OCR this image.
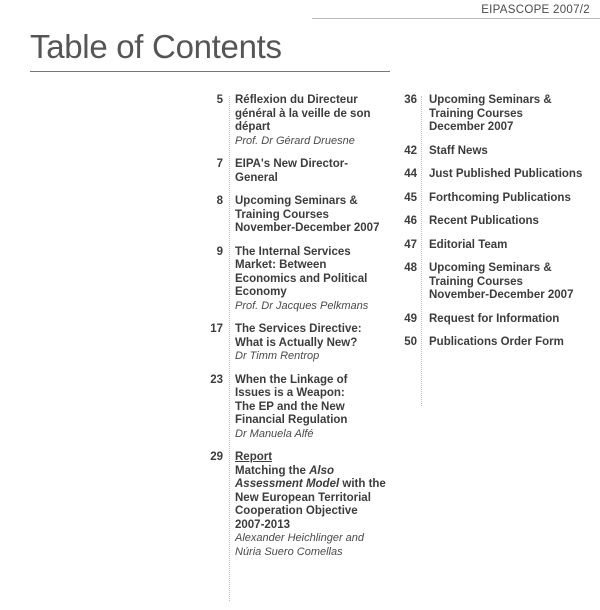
EIPASCOPE 2007/2
Table of Contents
5 Réflexion du Directeur
général à la veille de son
départ
Prof. Dr Gérard Druesne
7 EIPA's New Director-
General
8 Upcoming Seminars &
Training Courses
November-December 2007
9 The Internal Services
Market: Between
Economics and Political
Economy
Prof. Dr Jacques Pelkmans
17 The Services Directive:
What is Actually New?
Dr Timm Rentrop
23 When the Linkage of
Issues is a Weapon:
The EP and the New
Financial Regulation
Dr Manuela Alfé
29 Report
Matching the Also
Assessment Model with the
New European Territorial
Cooperation Objective
2007-2013
Alexander Heichlinger and
Núria Suero Comellas
36 Upcoming Seminars &
Training Courses
December 2007
42 Staff News
44 Just Published Publications
45 Forthcoming Publications
46 Recent Publications
47 Editorial Team
48 Upcoming Seminars &
Training Courses
November-December 2007
49 Request for Information
50 Publications Order Form
